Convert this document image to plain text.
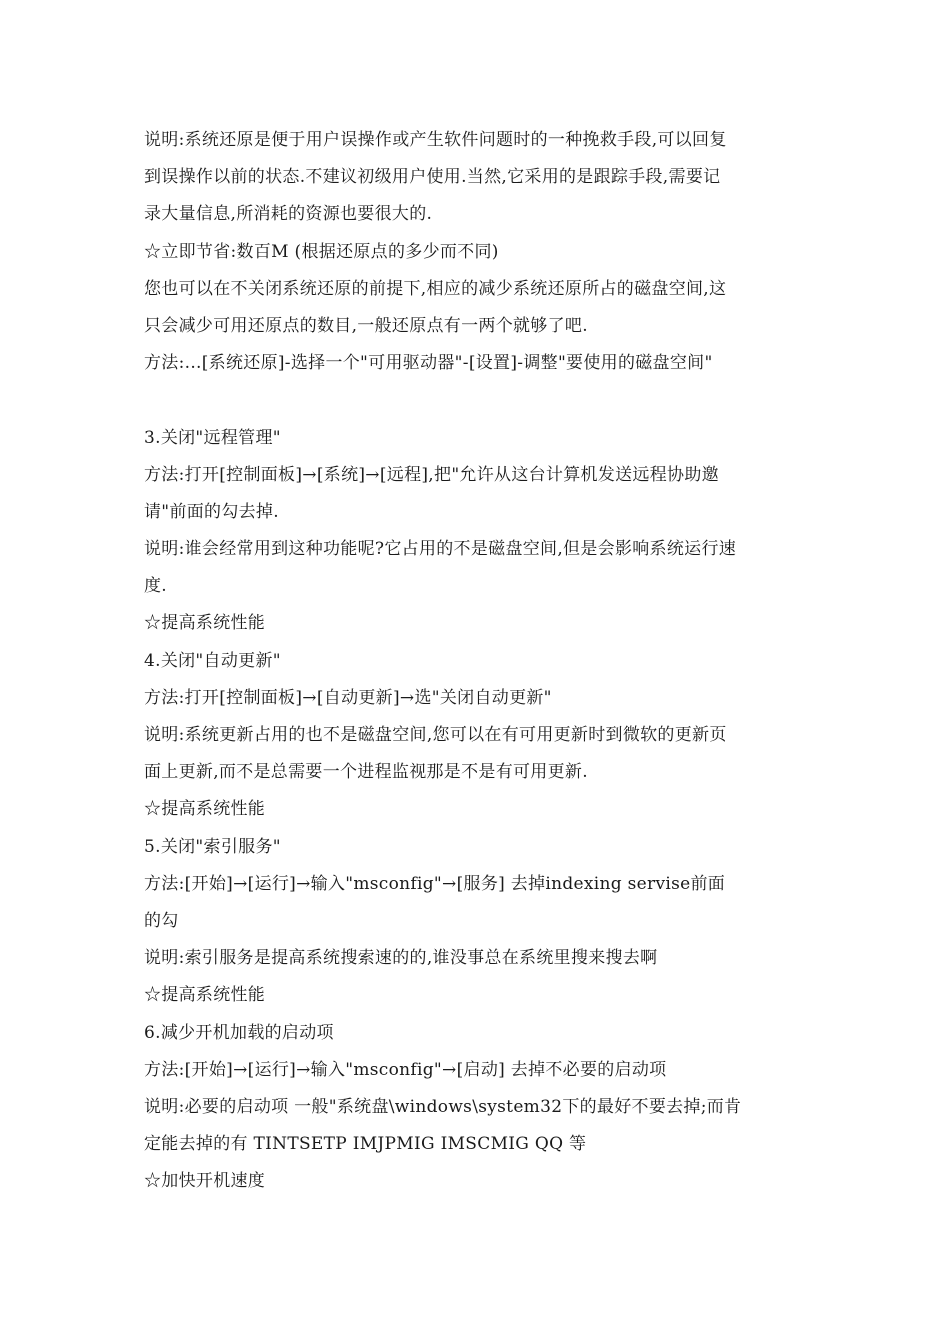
说明:系统还原是便于用户误操作或产生软件问题时的一种挽救手段,可以回复
到误操作以前的状态.不建议初级用户使用.当然,它采用的是跟踪手段,需要记
录大量信息,所消耗的资源也要很大的.
☆立即节省:数百M (根据还原点的多少而不同)
您也可以在不关闭系统还原的前提下,相应的减少系统还原所占的磁盘空间,这
只会减少可用还原点的数目,一般还原点有一两个就够了吧.
方法:...[系统还原]-选择一个"可用驱动器"-[设置]-调整"要使用的磁盘空间"
3.关闭"远程管理"
方法:打开[控制面板]→[系统]→[远程],把"允许从这台计算机发送远程协助邀
请"前面的勾去掉.
说明:谁会经常用到这种功能呢?它占用的不是磁盘空间,但是会影响系统运行速
度.
☆提高系统性能
4.关闭"自动更新"
方法:打开[控制面板]→[自动更新]→选"关闭自动更新"
说明:系统更新占用的也不是磁盘空间,您可以在有可用更新时到微软的更新页
面上更新,而不是总需要一个进程监视那是不是有可用更新.
☆提高系统性能
5.关闭"索引服务"
方法:[开始]→[运行]→输入"msconfig"→[服务] 去掉indexing servise前面
的勾
说明:索引服务是提高系统搜索速的的,谁没事总在系统里搜来搜去啊
☆提高系统性能
6.减少开机加载的启动项
方法:[开始]→[运行]→输入"msconfig"→[启动] 去掉不必要的启动项
说明:必要的启动项 一般"系统盘\windows\system32下的最好不要去掉;而肯
定能去掉的有 TINTSETP IMJPMIG IMSCMIG QQ 等
☆加快开机速度
